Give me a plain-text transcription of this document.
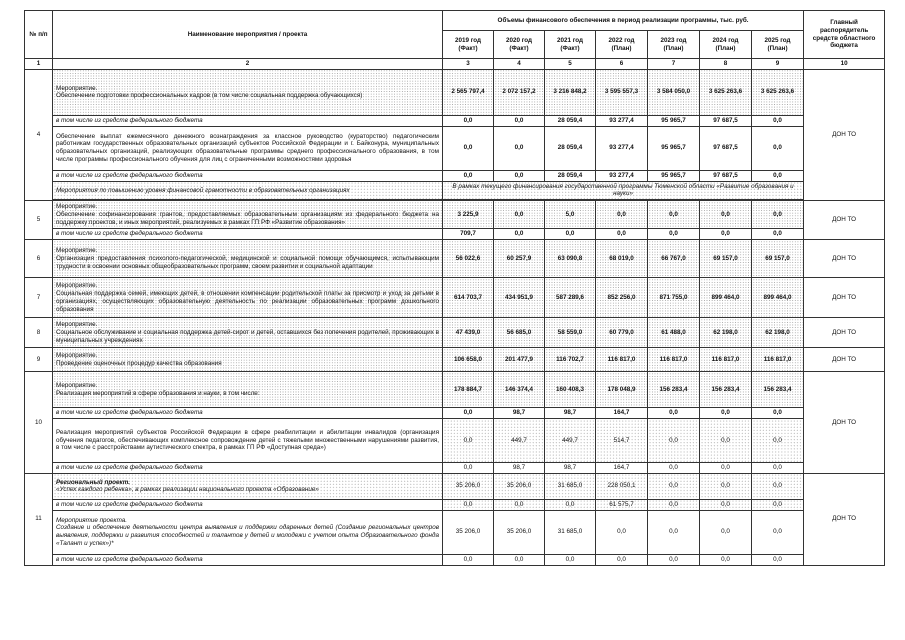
№ п/п	Наименование мероприятия / проекта	Объемы финансового обеспечения в период реализации программы, тыс. руб.							Главный распорядитель средств областного бюджета
		2019 год (Факт)	2020 год (Факт)	2021 год (Факт)	2022 год (План)	2023 год (План)	2024 год (План)	2025 год (План)	
1	2	3	4	5	6	7	8	9	10
4	Мероприятие.
Обеспечение подготовки профессиональных кадров (в том числе социальная поддержка обучающихся)	2 565 797,4	2 072 157,2	3 216 848,2	3 595 557,3	3 584 050,0	3 625 263,6	3 625 263,6	ДОН ТО
	в том числе из средств федерального бюджета	0,0	0,0	28 059,4	93 277,4	95 965,7	97 687,5	0,0	
	Обеспечение выплат ежемесячного денежного вознаграждения за классное руководство (кураторство) педагогическим работникам государственных образовательных организаций субъектов Российской Федерации и г. Байконура, муниципальных образовательных организаций, реализующих образовательные программы среднего профессионального образования, в том числе программы профессионального обучения для лиц с ограниченными возможностями здоровья	0,0	0,0	28 059,4	93 277,4	95 965,7	97 687,5	0,0	
	в том числе из средств федерального бюджета	0,0	0,0	28 059,4	93 277,4	95 965,7	97 687,5	0,0	
	Мероприятия по повышению уровня финансовой грамотности в образовательных организациях	В рамках текущего финансирования государственной программы Тюменской области «Развитие образования и науки»							

5	Мероприятие.
Обеспечение софинансирования грантов, предоставляемых образовательным организациям из федерального бюджета на поддержку проектов, и иных мероприятий, реализуемых в рамках ГП РФ «Развитие образования»	3 225,9	0,0	5,0	0,0	0,0	0,0	0,0	ДОН ТО
	в том числе из средств федерального бюджета	709,7	0,0	0,0	0,0	0,0	0,0	0,0	
6	Мероприятие.
Организация предоставления психолого-педагогической, медицинской и социальной помощи обучающимся, испытывающим трудности в освоении основных общеобразовательных программ, своем развитии и социальной адаптации	56 022,6	60 257,9	63 090,8	68 019,0	66 767,0	69 157,0	69 157,0	ДОН ТО
7	Мероприятие.
Социальная поддержка семей, имеющих детей, в отношении компенсации родительской платы за присмотр и уход за детьми в организациях, осуществляющих образовательную деятельность по реализации образовательных программ дошкольного образования	614 703,7	434 951,9	587 289,6	852 256,0	871 755,0	899 464,0	899 464,0	ДОН ТО
8	Мероприятие.
Социальное обслуживание и социальная поддержка детей-сирот и детей, оставшихся без попечения родителей, проживающих в муниципальных учреждениях	47 439,0	56 685,0	58 559,0	60 779,0	61 488,0	62 198,0	62 198,0	ДОН ТО
9	Мероприятие.
Проведение оценочных процедур качества образования	106 658,0	201 477,9	116 702,7	116 817,0	116 817,0	116 817,0	116 817,0	ДОН ТО
10	Мероприятие.
Реализация мероприятий в сфере образования и науки, в том числе:	178 884,7	146 374,4	160 408,3	178 048,9	156 283,4	156 283,4	156 283,4	ДОН ТО
	в том числе из средств федерального бюджета	0,0	98,7	98,7	164,7	0,0	0,0	0,0	
	Реализация мероприятий субъектов Российской Федерации в сфере реабилитации и абилитации инвалидов (организация обучения педагогов, обеспечивающих комплексное сопровождение детей с тяжелыми множественными нарушениями развития, в том числе с расстройствами аутистического спектра, в рамках ГП РФ «Доступная среда»)	0,0	449,7	449,7	514,7	0,0	0,0	0,0	
	в том числе из средств федерального бюджета	0,0	98,7	98,7	164,7	0,0	0,0	0,0	
11	Региональный проект.
«Успех каждого ребенка», в рамках реализации национального проекта «Образование»	35 206,0	35 206,0	31 685,0	228 050,1	0,0	0,0	0,0	ДОН ТО
	в том числе из средств федерального бюджета	0,0	0,0	0,0	61 575,7	0,0	0,0	0,0	
	Мероприятие проекта.
Создание и обеспечение деятельности центра выявления и поддержки одаренных детей (Создание региональных центров выявления, поддержки и развития способностей и талантов у детей и молодежи с учетом опыта Образовательного фонда «Талант и успех»)*	35 206,0	35 206,0	31 685,0	0,0	0,0	0,0	0,0	
	в том числе из средств федерального бюджета	0,0	0,0	0,0	0,0	0,0	0,0	0,0	
